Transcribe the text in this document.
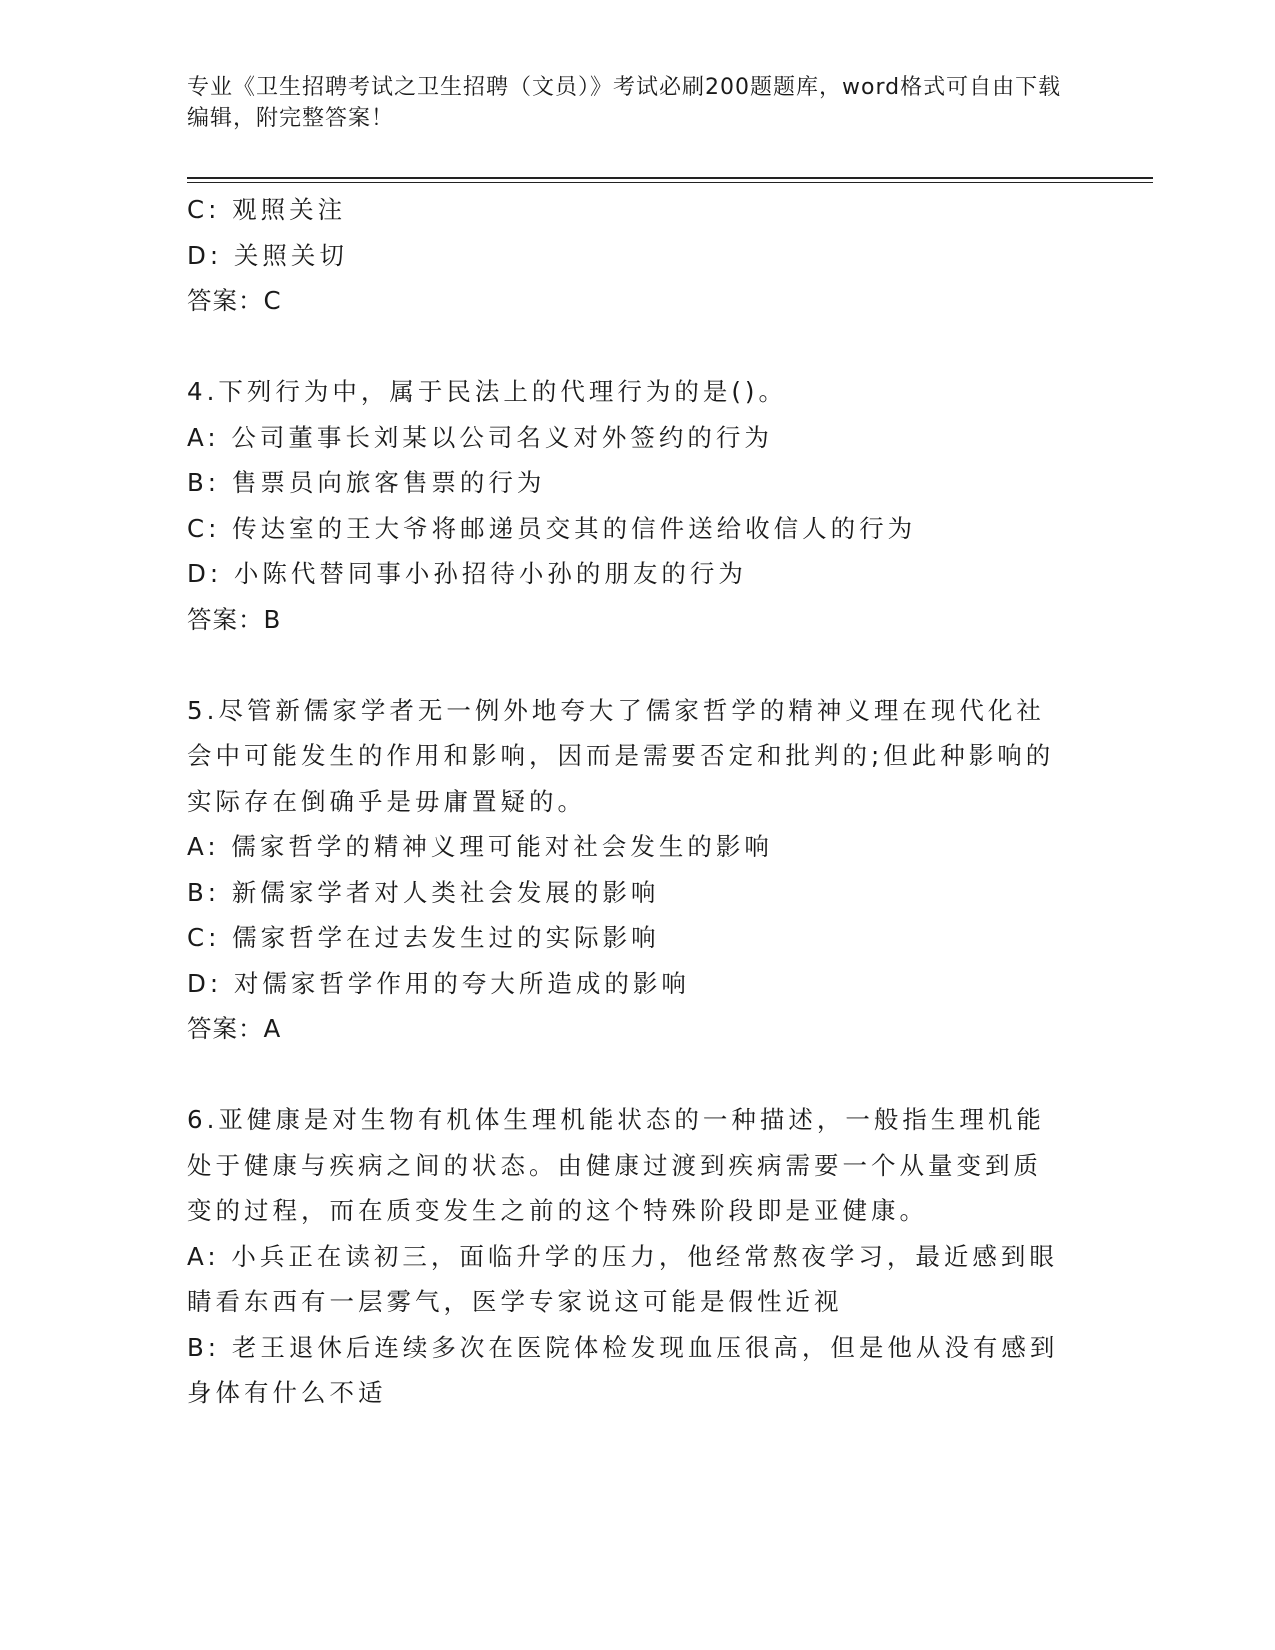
专业《卫生招聘考试之卫生招聘（文员）》考试必刷200题题库，word格式可自由下载编辑，附完整答案！
C: 观照关注
D: 关照关切
答案：C
4.下列行为中，属于民法上的代理行为的是()。
A: 公司董事长刘某以公司名义对外签约的行为
B: 售票员向旅客售票的行为
C: 传达室的王大爷将邮递员交其的信件送给收信人的行为
D: 小陈代替同事小孙招待小孙的朋友的行为
答案：B
5.尽管新儒家学者无一例外地夸大了儒家哲学的精神义理在现代化社
会中可能发生的作用和影响，因而是需要否定和批判的;但此种影响的
实际存在倒确乎是毋庸置疑的。
A: 儒家哲学的精神义理可能对社会发生的影响
B: 新儒家学者对人类社会发展的影响
C: 儒家哲学在过去发生过的实际影响
D: 对儒家哲学作用的夸大所造成的影响
答案：A
6.亚健康是对生物有机体生理机能状态的一种描述，一般指生理机能
处于健康与疾病之间的状态。由健康过渡到疾病需要一个从量变到质
变的过程，而在质变发生之前的这个特殊阶段即是亚健康。
A: 小兵正在读初三，面临升学的压力，他经常熬夜学习，最近感到眼
睛看东西有一层雾气，医学专家说这可能是假性近视
B: 老王退休后连续多次在医院体检发现血压很高，但是他从没有感到
身体有什么不适
